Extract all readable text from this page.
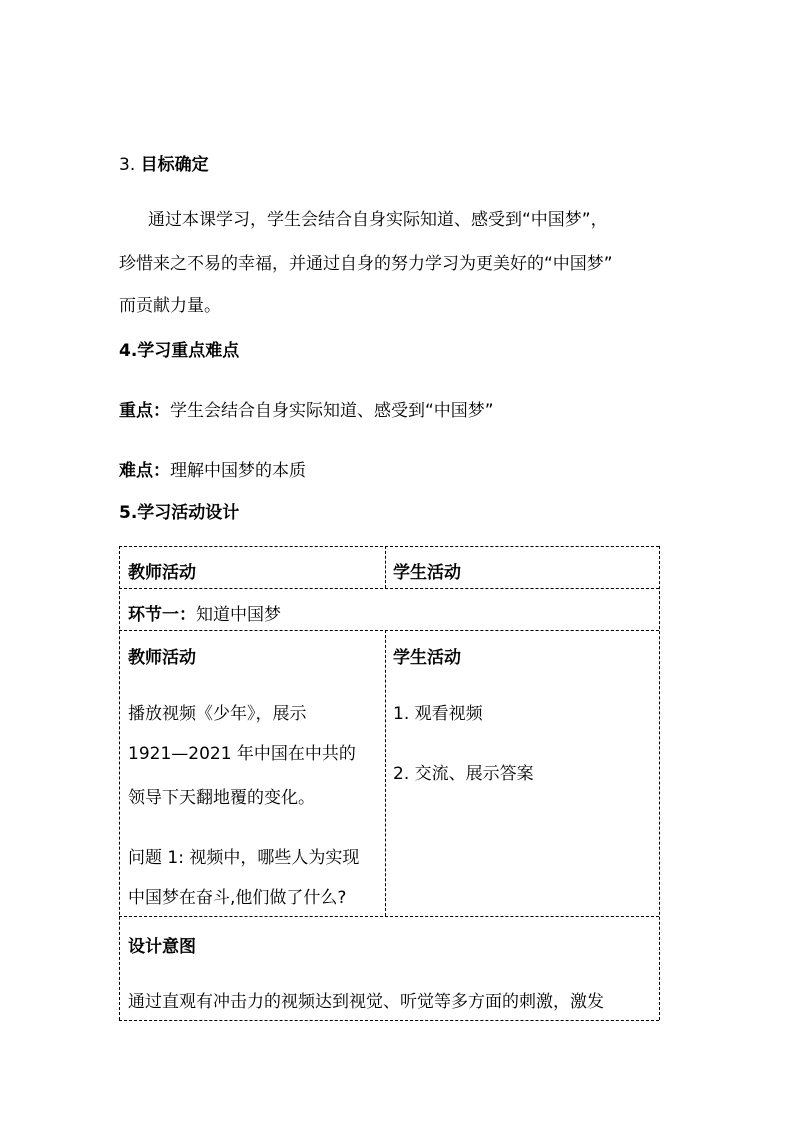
3. 目标确定
通过本课学习，学生会结合自身实际知道、感受到“中国梦”，
珍惜来之不易的幸福，并通过自身的努力学习为更美好的“中国梦”
而贡献力量。
4.学习重点难点
重点：学生会结合自身实际知道、感受到“中国梦”
难点：理解中国梦的本质
5.学习活动设计
教师活动	学生活动
环节一：知道中国梦
教师活动
播放视频《少年》，展示
1921—2021 年中国在中共的
领导下天翻地覆的变化。
问题 1: 视频中，哪些人为实现
中国梦在奋斗,他们做了什么?
学生活动
1. 观看视频
2. 交流、展示答案
设计意图
通过直观有冲击力的视频达到视觉、听觉等多方面的刺激，激发
